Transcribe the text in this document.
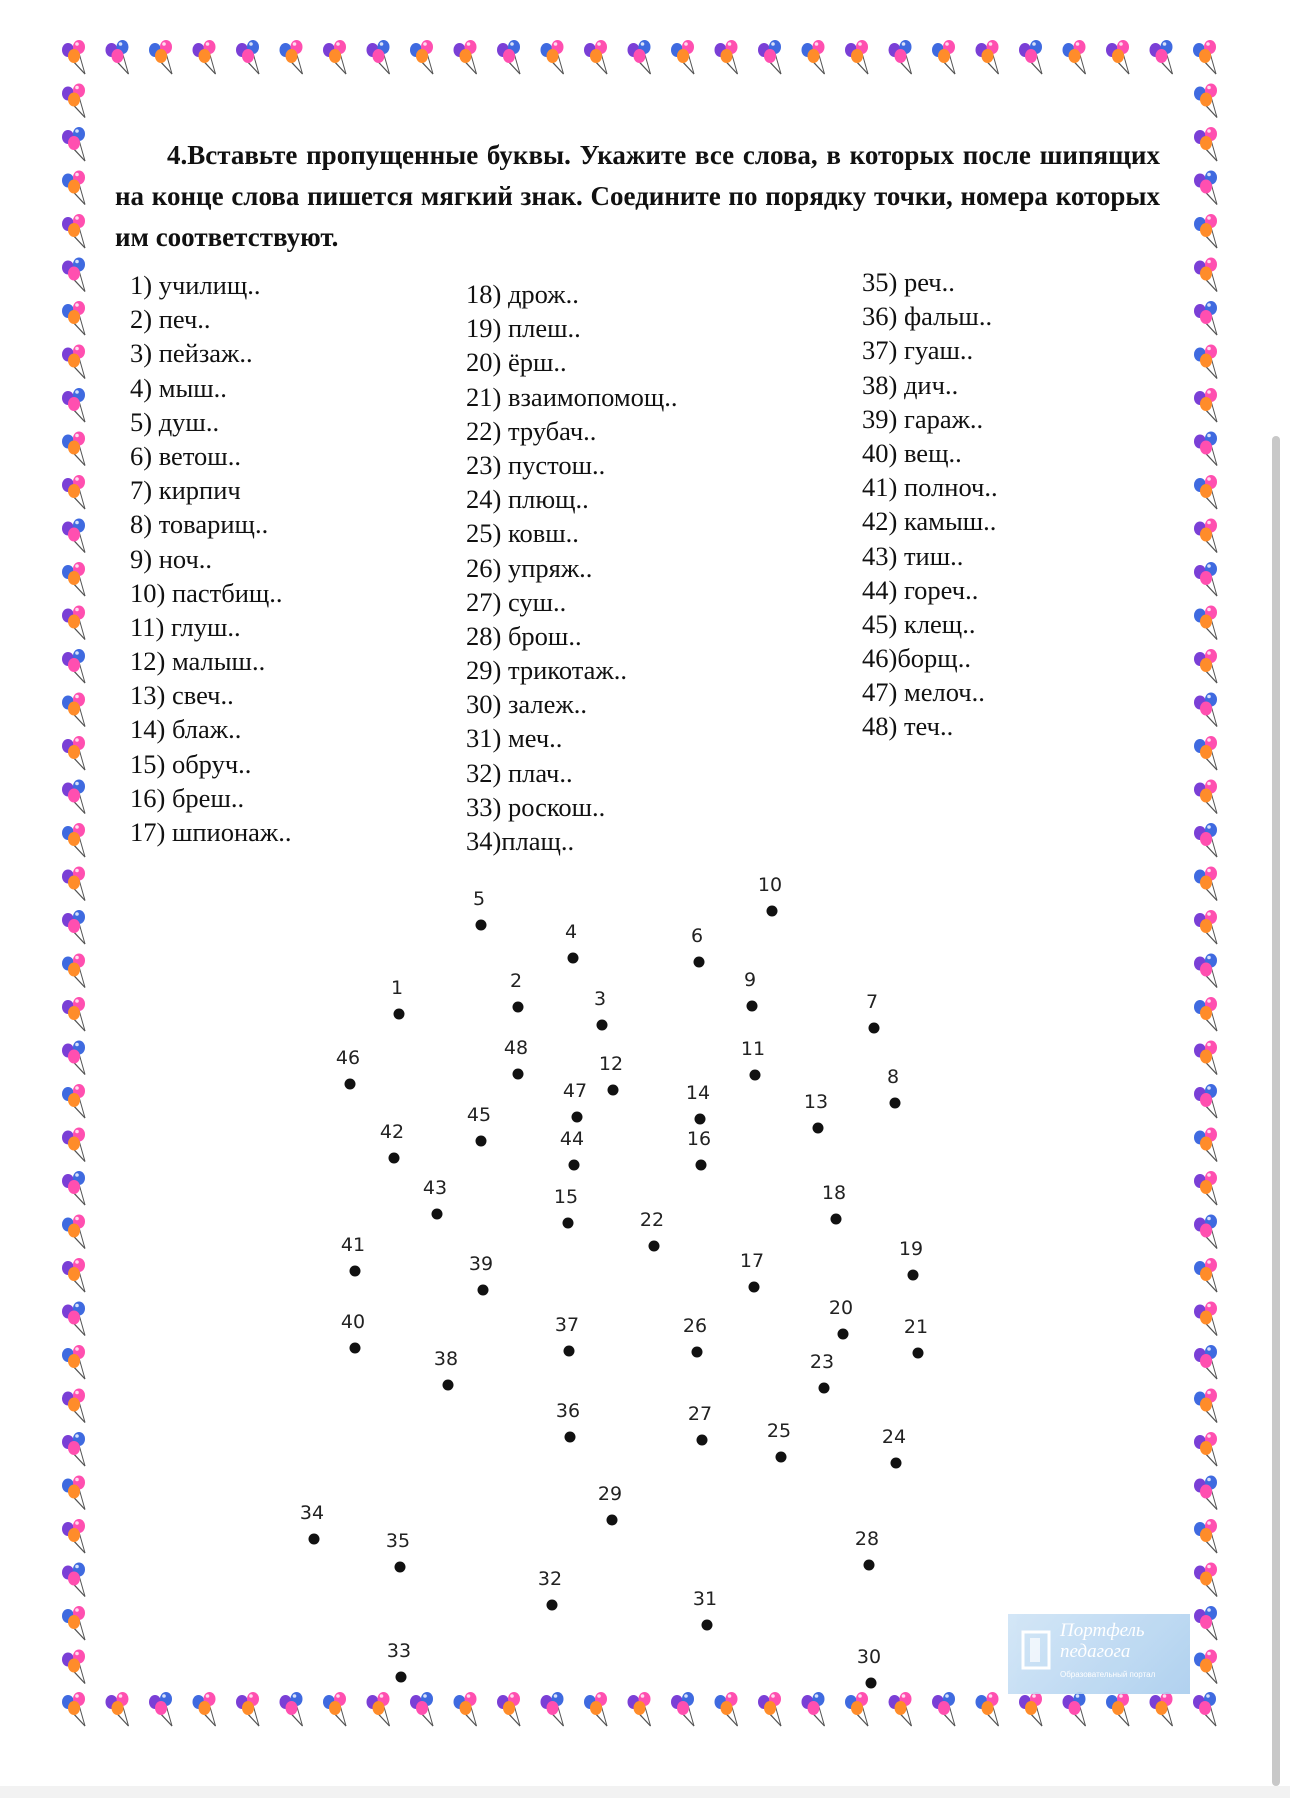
4.Вставьте пропущенные буквы. Укажите все слова, в которых после шипящих на конце слова пишется мягкий знак. Соедините по порядку точки, номера которых им соответствуют.
1) училищ..
2) печ..
3) пейзаж..
4) мыш..
5) душ..
6) ветош..
7) кирпич
8) товарищ..
9) ноч..
10) пастбищ..
11) глуш..
12) малыш..
13) свеч..
14) блаж..
15) обруч..
16) бреш..
17) шпионаж..
18) дрож..
19) плеш..
20) ёрш..
21) взаимопомощ..
22) трубач..
23) пустош..
24) плющ..
25) ковш..
26) упряж..
27) суш..
28) брош..
29) трикотаж..
30) залеж..
31) меч..
32) плач..
33) роскош..
34)плащ..
35) реч..
36) фальш..
37) гуаш..
38) дич..
39) гараж..
40) вещ..
41) полноч..
42) камыш..
43) тиш..
44) гореч..
45) клещ..
46)борщ..
47) мелоч..
48) теч..
1	2
3
4
5
6
7
8
9
10
11
12
13
14
15
16
17
18
19
20
21
22
23
24
25
26
27
28
29
30
31
32
33
34
35
36
37
38
39
40
41
42
43
44
45
46
47
48
Портфель педагога
Образовательный портал
